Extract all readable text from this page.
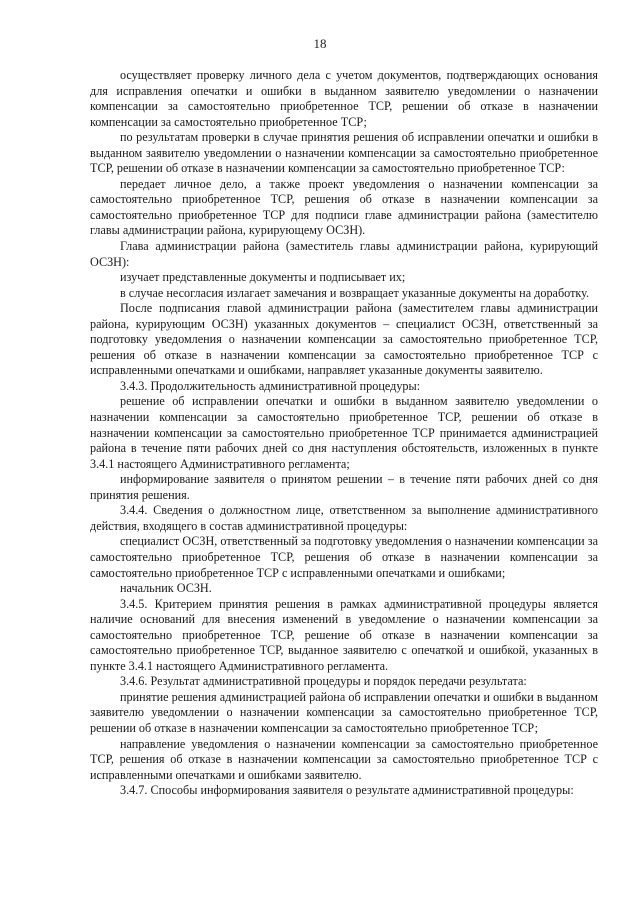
18

осуществляет проверку личного дела с учетом документов, подтверждающих основания для исправления опечатки и ошибки в выданном заявителю уведомлении о назначении компенсации за самостоятельно приобретенное ТСР, решении об отказе в назначении компенсации за самостоятельно приобретенное ТСР;

по результатам проверки в случае принятия решения об исправлении опечатки и ошибки в выданном заявителю уведомлении о назначении компенсации за самостоятельно приобретенное ТСР, решении об отказе в назначении компенсации за самостоятельно приобретенное ТСР:

передает личное дело, а также проект уведомления о назначении компенсации за самостоятельно приобретенное ТСР, решения об отказе в назначении компенсации за самостоятельно приобретенное ТСР для подписи главе администрации района (заместителю главы администрации района, курирующему ОСЗН).

Глава администрации района (заместитель главы администрации района, курирующий ОСЗН):

изучает представленные документы и подписывает их;

в случае несогласия излагает замечания и возвращает указанные документы на доработку.

После подписания главой администрации района (заместителем главы администрации района, курирующим ОСЗН) указанных документов – специалист ОСЗН, ответственный за подготовку уведомления о назначении компенсации за самостоятельно приобретенное ТСР, решения об отказе в назначении компенсации за самостоятельно приобретенное ТСР с исправленными опечатками и ошибками, направляет указанные документы заявителю.

3.4.3. Продолжительность административной процедуры:

решение об исправлении опечатки и ошибки в выданном заявителю уведомлении о назначении компенсации за самостоятельно приобретенное ТСР, решении об отказе в назначении компенсации за самостоятельно приобретенное ТСР принимается администрацией района в течение пяти рабочих дней со дня наступления обстоятельств, изложенных в пункте 3.4.1 настоящего Административного регламента;

информирование заявителя о принятом решении – в течение пяти рабочих дней со дня принятия решения.

3.4.4. Сведения о должностном лице, ответственном за выполнение административного действия, входящего в состав административной процедуры:

специалист ОСЗН, ответственный за подготовку уведомления о назначении компенсации за самостоятельно приобретенное ТСР, решения об отказе в назначении компенсации за самостоятельно приобретенное ТСР с исправленными опечатками и ошибками;

начальник ОСЗН.

3.4.5. Критерием принятия решения в рамках административной процедуры является наличие оснований для внесения изменений в уведомление о назначении компенсации за самостоятельно приобретенное ТСР, решение об отказе в назначении компенсации за самостоятельно приобретенное ТСР, выданное заявителю с опечаткой и ошибкой, указанных в пункте 3.4.1 настоящего Административного регламента.

3.4.6. Результат административной процедуры и порядок передачи результата:

принятие решения администрацией района об исправлении опечатки и ошибки в выданном заявителю уведомлении о назначении компенсации за самостоятельно приобретенное ТСР, решении об отказе в назначении компенсации за самостоятельно приобретенное ТСР;

направление уведомления о назначении компенсации за самостоятельно приобретенное ТСР, решения об отказе в назначении компенсации за самостоятельно приобретенное ТСР с исправленными опечатками и ошибками заявителю.

3.4.7. Способы информирования заявителя о результате административной процедуры:
